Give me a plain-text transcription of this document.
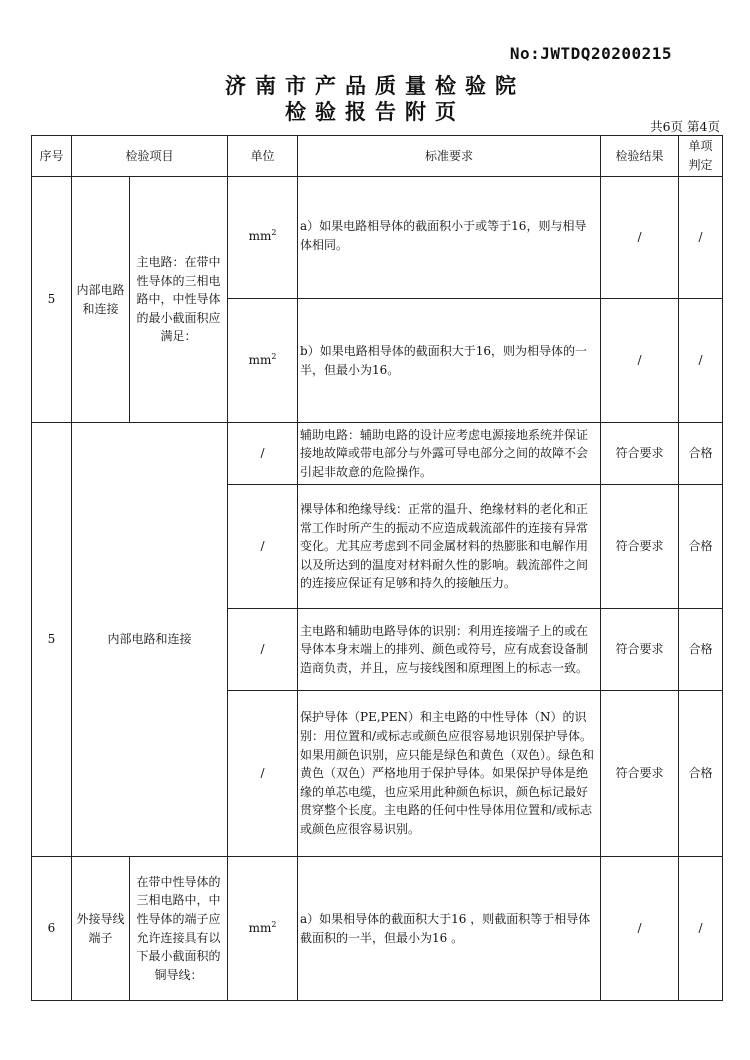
No:JWTDQ20200215
济南市产品质量检验院
检验报告附页
共6页 第4页
序号	检验项目		单位	标准要求	检验结果	单项判定
5	内部电路和连接	主电路：在带中性导体的三相电路中，中性导体的最小截面积应满足：	$mm^2$	a）如果电路相导体的截面积小于或等于16，则与相导体相同。	/	/
			$mm^2$	b）如果电路相导体的截面积大于16，则为相导体的一半，但最小为16。	/	/
5	内部电路和连接		/	辅助电路：辅助电路的设计应考虑电源接地系统并保证接地故障或带电部分与外露可导电部分之间的故障不会引起非故意的危险操作。	符合要求	合格
			/	裸导体和绝缘导线：正常的温升、绝缘材料的老化和正常工作时所产生的振动不应造成载流部件的连接有异常变化。尤其应考虑到不同金属材料的热膨胀和电解作用以及所达到的温度对材料耐久性的影响。载流部件之间的连接应保证有足够和持久的接触压力。	符合要求	合格
			/	主电路和辅助电路导体的识别：利用连接端子上的或在导体本身末端上的排列、颜色或符号，应有成套设备制造商负责，并且，应与接线图和原理图上的标志一致。	符合要求	合格
			/	保护导体（PE,PEN）和主电路的中性导体（N）的识别：用位置和/或标志或颜色应很容易地识别保护导体。如果用颜色识别，应只能是绿色和黄色（双色）。绿色和黄色（双色）严格地用于保护导体。如果保护导体是绝缘的单芯电缆，也应采用此种颜色标识，颜色标记最好贯穿整个长度。主电路的任何中性导体用位置和/或标志或颜色应很容易识别。	符合要求	合格
6	外接导线端子	在带中性导体的三相电路中，中性导体的端子应允许连接具有以下最小截面积的铜导线：	$mm^2$	a）如果相导体的截面积大于16 ，则截面积等于相导体截面积的一半，但最小为16 。	/	/
